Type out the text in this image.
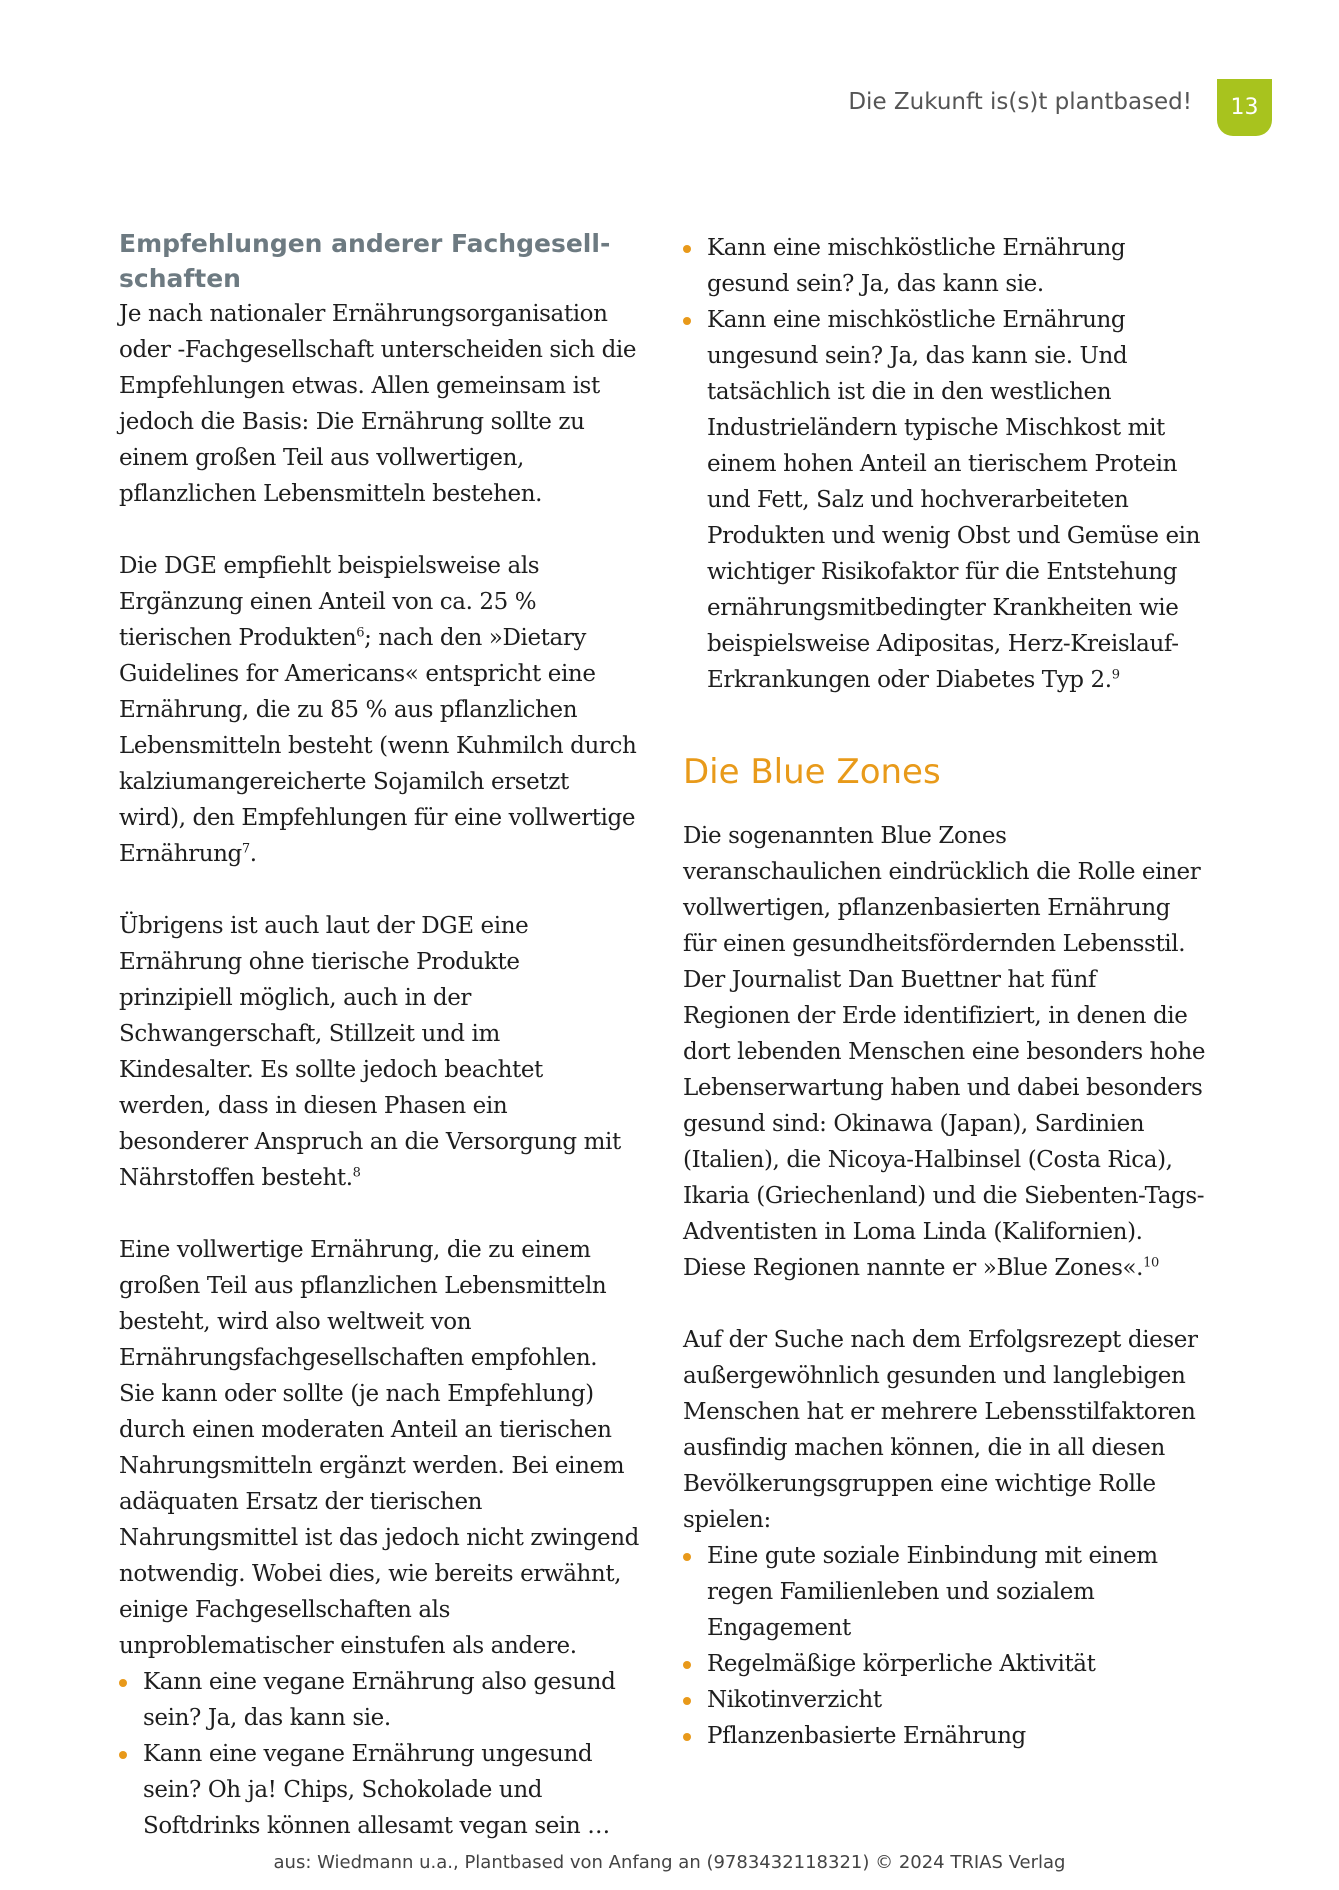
Die Zukunft is(s)t plantbased!	13
Empfehlungen anderer Fachgesellschaften

Je nach nationaler Ernährungsorganisation oder -Fachgesellschaft unterscheiden sich die Empfehlungen etwas. Allen gemeinsam ist jedoch die Basis: Die Ernährung sollte zu einem großen Teil aus vollwertigen, pflanzlichen Lebensmitteln bestehen.

Die DGE empfiehlt beispielsweise als Ergänzung einen Anteil von ca. 25 % tierischen Produkten$^6$; nach den »Dietary Guidelines for Americans« entspricht eine Ernährung, die zu 85 % aus pflanzlichen Lebensmitteln besteht (wenn Kuhmilch durch kalziumangereicherte Sojamilch ersetzt wird), den Empfehlungen für eine vollwertige Ernährung$^7$.

Übrigens ist auch laut der DGE eine Ernährung ohne tierische Produkte prinzipiell möglich, auch in der Schwangerschaft, Stillzeit und im Kindesalter. Es sollte jedoch beachtet werden, dass in diesen Phasen ein besonderer Anspruch an die Versorgung mit Nährstoffen besteht.$^8$

Eine vollwertige Ernährung, die zu einem großen Teil aus pflanzlichen Lebensmitteln besteht, wird also weltweit von Ernährungsfachgesellschaften empfohlen. Sie kann oder sollte (je nach Empfehlung) durch einen moderaten Anteil an tierischen Nahrungsmitteln ergänzt werden. Bei einem adäquaten Ersatz der tierischen Nahrungsmittel ist das jedoch nicht zwingend notwendig. Wobei dies, wie bereits erwähnt, einige Fachgesellschaften als unproblematischer einstufen als andere.

Kann eine vegane Ernährung also gesund sein? Ja, das kann sie.
Kann eine vegane Ernährung ungesund sein? Oh ja! Chips, Schokolade und Softdrinks können allesamt vegan sein …
Kann eine mischköstliche Ernährung gesund sein? Ja, das kann sie.
Kann eine mischköstliche Ernährung ungesund sein? Ja, das kann sie. Und tatsächlich ist die in den westlichen Industrieländern typische Mischkost mit einem hohen Anteil an tierischem Protein und Fett, Salz und hochverarbeiteten Produkten und wenig Obst und Gemüse ein wichtiger Risikofaktor für die Entstehung ernährungsmitbedingter Krankheiten wie beispielsweise Adipositas, Herz-Kreislauf-Erkrankungen oder Diabetes Typ 2.$^9$
Die Blue Zones

Die sogenannten Blue Zones veranschaulichen eindrücklich die Rolle einer vollwertigen, pflanzenbasierten Ernährung für einen gesundheitsfördernden Lebensstil. Der Journalist Dan Buettner hat fünf Regionen der Erde identifiziert, in denen die dort lebenden Menschen eine besonders hohe Lebenserwartung haben und dabei besonders gesund sind: Okinawa (Japan), Sardinien (Italien), die Nicoya-Halbinsel (Costa Rica), Ikaria (Griechenland) und die Siebenten-Tags-Adventisten in Loma Linda (Kalifornien). Diese Regionen nannte er »Blue Zones«.$^{10}$

Auf der Suche nach dem Erfolgsrezept dieser außergewöhnlich gesunden und langlebigen Menschen hat er mehrere Lebensstilfaktoren ausfindig machen können, die in all diesen Bevölkerungsgruppen eine wichtige Rolle spielen:

Eine gute soziale Einbindung mit einem regen Familienleben und sozialem Engagement
Regelmäßige körperliche Aktivität
Nikotinverzicht
Pflanzenbasierte Ernährung
aus: Wiedmann u.a., Plantbased von Anfang an (9783432118321) © 2024 TRIAS Verlag
